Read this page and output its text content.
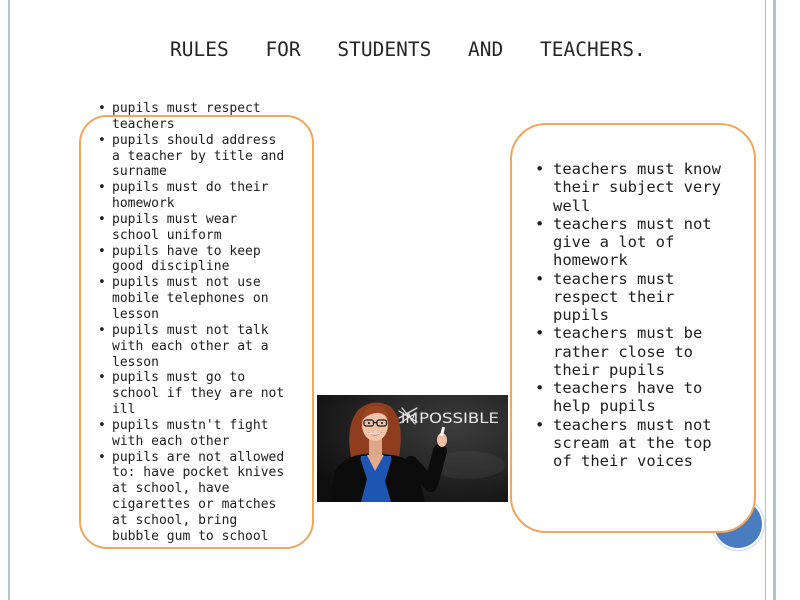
RULES FOR STUDENTS AND TEACHERS.
• pupils must respect teachers
• pupils should address a teacher by title and surname
• pupils must do their homework
• pupils must wear school uniform
• pupils have to keep good discipline
• pupils must not use mobile telephones on lesson
• pupils must not talk with each other at a lesson
• pupils must go to school if they are not ill
• pupils mustn't fight with each other
• pupils are not allowed to: have pocket knives at school, have cigarettes or matches at school, bring bubble gum to school
• teachers must know their subject very well
• teachers must not give a lot of homework
• teachers must respect their pupils
• teachers must be rather close to their pupils
• teachers have to help pupils
• teachers must not scream at the top of their voices
IM POSSIBLE
